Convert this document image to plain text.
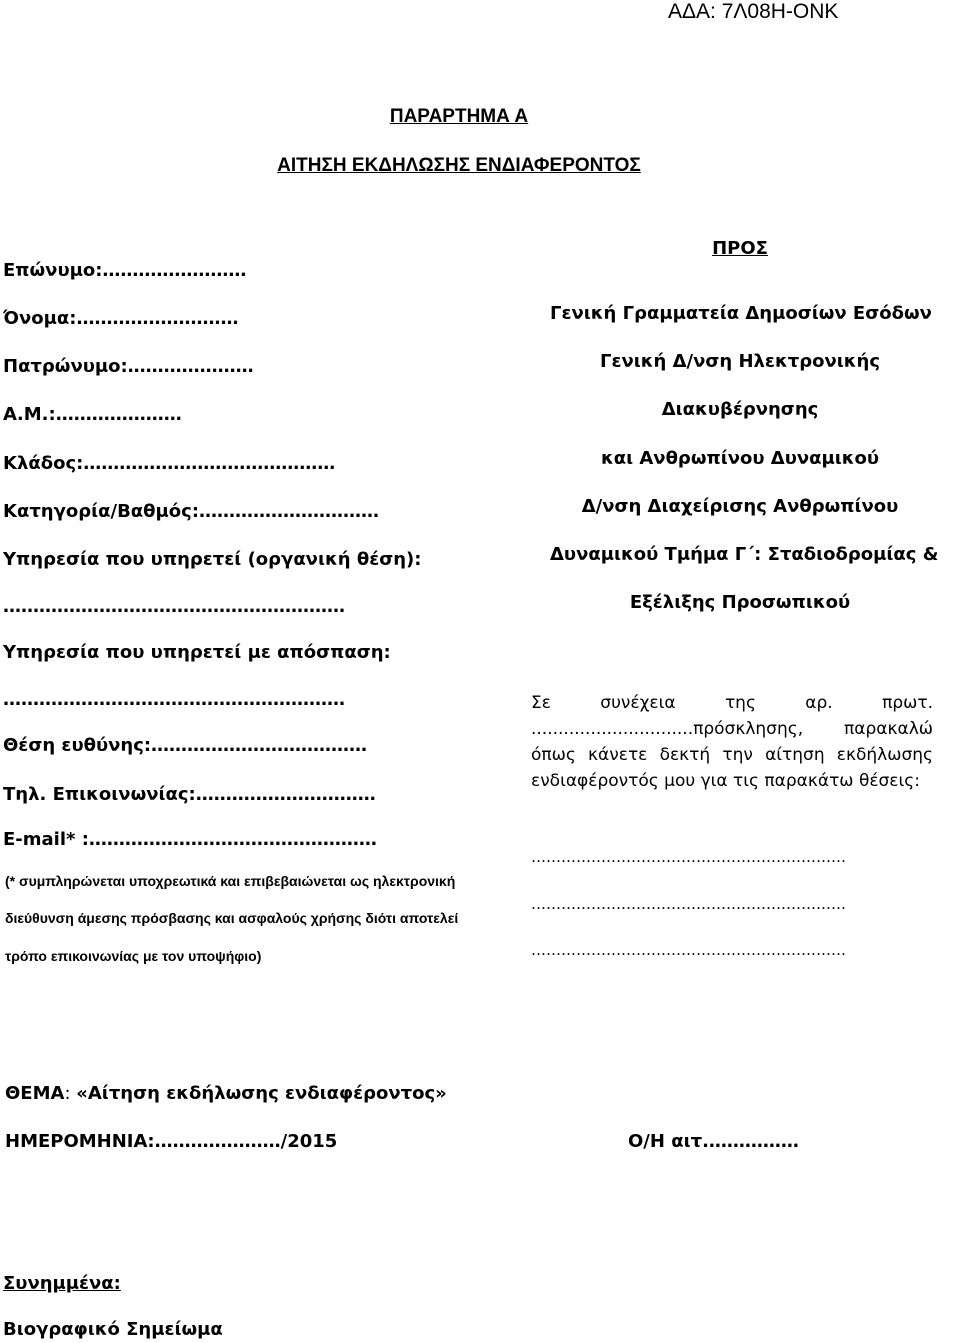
ΑΔΑ: 7Λ08Η-ΟΝΚ
ΠΑΡΑΡΤΗΜΑ Α
ΑΙΤΗΣΗ ΕΚΔΗΛΩΣΗΣ ΕΝΔΙΑΦΕΡΟΝΤΟΣ
Επώνυμο:……………………
Όνομα:………………………
Πατρώνυμο:…………………
Α.Μ.:…………………
Κλάδος:……………………………………
Κατηγορία/Βαθμός:…………………………
Υπηρεσία που υπηρετεί (οργανική θέση):
…………………………………………………
Υπηρεσία που υπηρετεί με απόσπαση:
…………………………………………………
Θέση ευθύνης:………………………………
Τηλ. Επικοινωνίας:…………………………
E-mail* :…………………………………………
(* συμπληρώνεται υποχρεωτικά και επιβεβαιώνεται ως ηλεκτρονική
διεύθυνση άμεσης πρόσβασης και ασφαλούς χρήσης διότι αποτελεί
τρόπο επικοινωνίας με τον υποψήφιο)
ΠΡΟΣ
Γενική Γραμματεία Δημοσίων Εσόδων
Γενική Δ/νση Ηλεκτρονικής
Διακυβέρνησης
και Ανθρωπίνου Δυναμικού
Δ/νση Διαχείρισης Ανθρωπίνου
Δυναμικού Τμήμα Γ΄: Σταδιοδρομίας &
Εξέλιξης Προσωπικού
Σε συνέχεια της αρ. πρωτ. ..............................πρόσκλησης, παρακαλώ όπως κάνετε δεκτή την αίτηση εκδήλωσης ενδιαφέροντός μου για τις παρακάτω θέσεις:
………………………………………………………
………………………………………………………
………………………………………………………
ΘΕΜΑ: «Αίτηση εκδήλωσης ενδιαφέροντος»
ΗΜΕΡΟΜΗΝΙΑ:…………………/2015	Ο/Η αιτ.……………
Συνημμένα:
Βιογραφικό Σημείωμα
